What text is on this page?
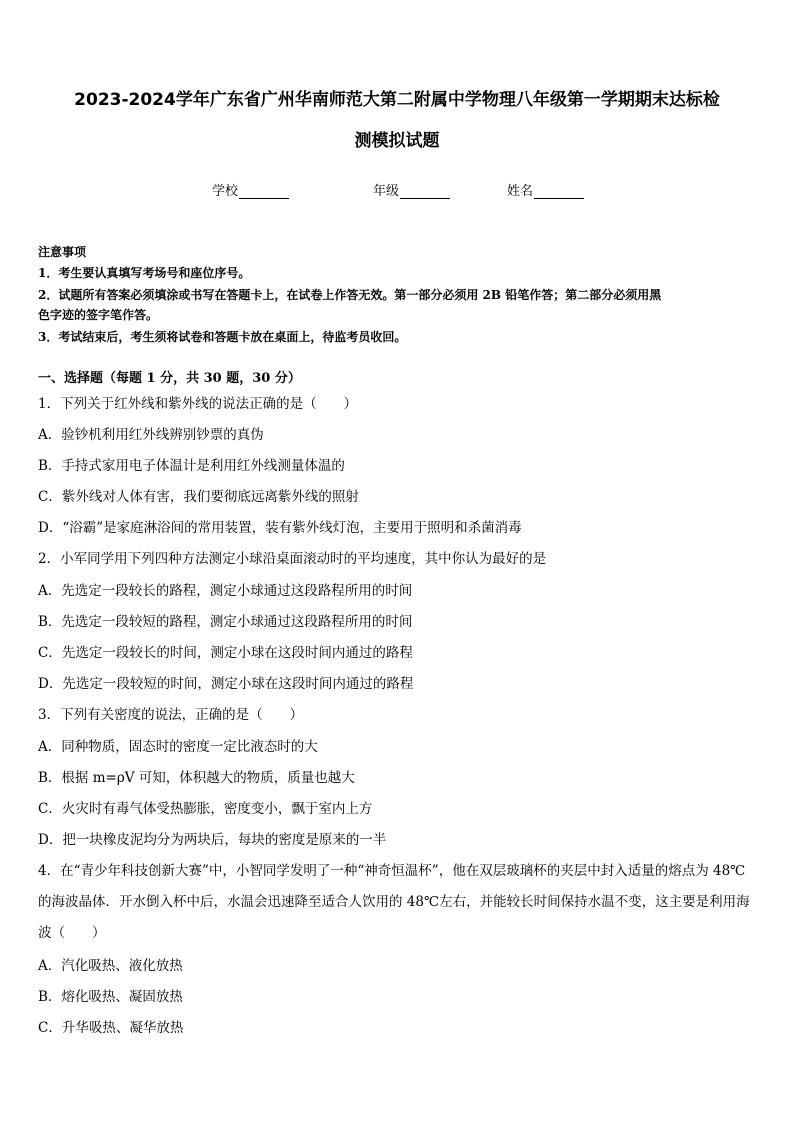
2023-2024学年广东省广州华南师范大第二附属中学物理八年级第一学期期末达标检
测模拟试题
学校	年级	姓名
注意事项
1．考生要认真填写考场号和座位序号。
2．试题所有答案必须填涂或书写在答题卡上，在试卷上作答无效。第一部分必须用 2B 铅笔作答；第二部分必须用黑
色字迹的签字笔作答。
3．考试结束后，考生须将试卷和答题卡放在桌面上，待监考员收回。
一、选择题（每题 1 分，共 30 题，30 分）
1．下列关于红外线和紫外线的说法正确的是（　　）
A．验钞机利用红外线辨别钞票的真伪
B．手持式家用电子体温计是利用红外线测量体温的
C．紫外线对人体有害，我们要彻底远离紫外线的照射
D．“浴霸”是家庭淋浴间的常用装置，装有紫外线灯泡，主要用于照明和杀菌消毒
2．小军同学用下列四种方法测定小球沿桌面滚动时的平均速度，其中你认为最好的是
A．先选定一段较长的路程，测定小球通过这段路程所用的时间
B．先选定一段较短的路程，测定小球通过这段路程所用的时间
C．先选定一段较长的时间，测定小球在这段时间内通过的路程
D．先选定一段较短的时间，测定小球在这段时间内通过的路程
3．下列有关密度的说法，正确的是（　　）
A．同种物质，固态时的密度一定比液态时的大
B．根据 m=ρV 可知，体积越大的物质，质量也越大
C．火灾时有毒气体受热膨胀，密度变小，飘于室内上方
D．把一块橡皮泥均分为两块后，每块的密度是原来的一半
4．在“青少年科技创新大赛”中，小智同学发明了一种“神奇恒温杯”，他在双层玻璃杯的夹层中封入适量的熔点为 48℃的海波晶体．开水倒入杯中后，水温会迅速降至适合人饮用的 48℃左右，并能较长时间保持水温不变，这主要是利用海波（　　）
A．汽化吸热、液化放热
B．熔化吸热、凝固放热
C．升华吸热、凝华放热
